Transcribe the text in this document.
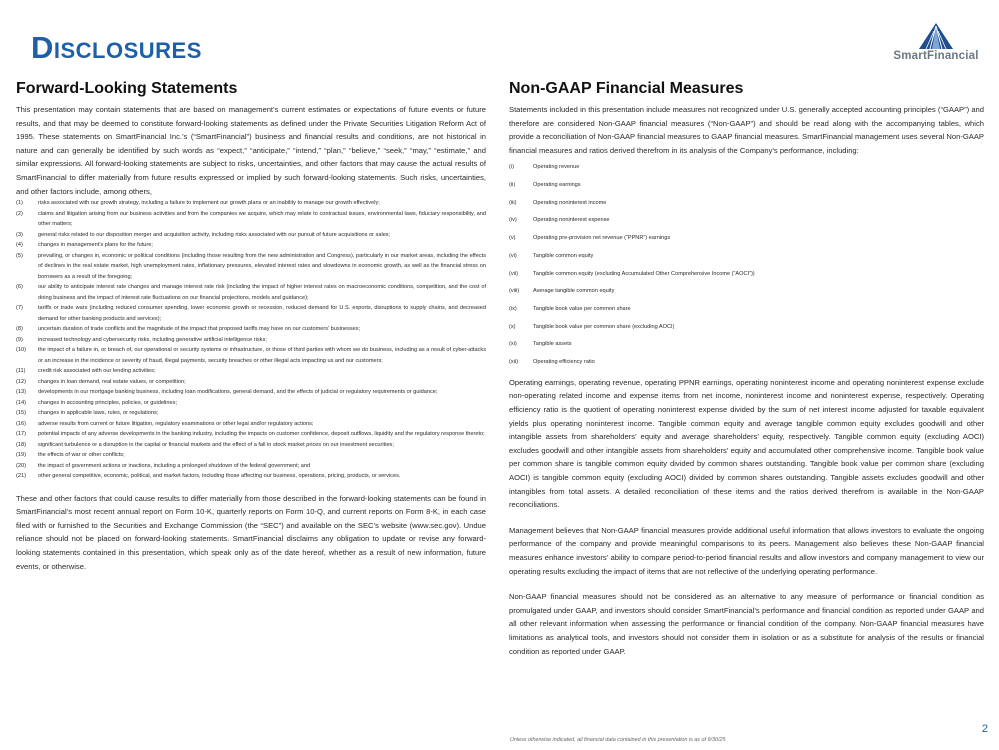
Disclosures	SmartFinancial
Forward-Looking Statements

This presentation may contain statements that are based on management’s current estimates or expectations of future events or future results, and that may be deemed to constitute forward-looking statements as defined under the Private Securities Litigation Reform Act of 1995. These statements on SmartFinancial Inc.’s (“SmartFinancial”) business and financial results and conditions, are not historical in nature and can generally be identified by such words as “expect,” “anticipate,” “intend,” “plan,” “believe,” “seek,” “may,” “estimate,” and similar expressions. All forward-looking statements are subject to risks, uncertainties, and other factors that may cause the actual results of SmartFinancial to differ materially from future results expressed or implied by such forward-looking statements. Such risks, uncertainties, and other factors include, among others,

(1)	risks associated with our growth strategy, including a failure to implement our growth plans or an inability to manage our growth effectively;
(2)	claims and litigation arising from our business activities and from the companies we acquire, which may relate to contractual issues, environmental laws, fiduciary responsibility, and other matters;
(3)	general risks related to our disposition merger and acquisition activity, including risks associated with our pursuit of future acquisitions or sales;
(4)	changes in management’s plans for the future;
(5)	prevailing, or changes in, economic or political conditions (including those resulting from the new administration and Congress), particularly in our market areas, including the effects of declines in the real estate market, high unemployment rates, inflationary pressures, elevated interest rates and slowdowns in economic growth, as well as the financial stress on borrowers as a result of the foregoing;
(6)	our ability to anticipate interest rate changes and manage interest rate risk (including the impact of higher interest rates on macroeconomic conditions, competition, and the cost of doing business and the impact of interest rate fluctuations on our financial projections, models and guidance);
(7)	tariffs or trade wars (including reduced consumer spending, lower economic growth or recession, reduced demand for U.S. exports, disruptions to supply chains, and decreased demand for other banking products and services);
(8)	uncertain duration of trade conflicts and the magnitude of the impact that proposed tariffs may have on our customers’ businesses;
(9)	increased technology and cybersecurity risks, including generative artificial intelligence risks;
(10)	the impact of a failure in, or breach of, our operational or security systems or infrastructure, or those of third parties with whom we do business, including as a result of cyber-attacks or an increase in the incidence or severity of fraud, illegal payments, security breaches or other illegal acts impacting us and our customers;
(11)	credit risk associated with our lending activities;
(12)	changes in loan demand, real estate values, or competition;
(13)	developments in our mortgage banking business, including loan modifications, general demand, and the effects of judicial or regulatory requirements or guidance;
(14)	changes in accounting principles, policies, or guidelines;
(15)	changes in applicable laws, rules, or regulations;
(16)	adverse results from current or future litigation, regulatory examinations or other legal and/or regulatory actions;
(17)	potential impacts of any adverse developments in the banking industry, including the impacts on customer confidence, deposit outflows, liquidity and the regulatory response thereto;
(18)	significant turbulence or a disruption in the capital or financial markets and the effect of a fall in stock market prices on our investment securities;
(19)	the effects of war or other conflicts;
(20)	the impact of government actions or inactions, including a prolonged shutdown of the federal government; and
(21)	other general competitive, economic, political, and market factors, including those affecting our business, operations, pricing, products, or services.

These and other factors that could cause results to differ materially from those described in the forward-looking statements can be found in SmartFinancial’s most recent annual report on Form 10-K, quarterly reports on Form 10-Q, and current reports on Form 8-K, in each case filed with or furnished to the Securities and Exchange Commission (the “SEC”) and available on the SEC’s website (www.sec.gov). Undue reliance should not be placed on forward-looking statements. SmartFinancial disclaims any obligation to update or revise any forward-looking statements contained in this presentation, which speak only as of the date hereof, whether as a result of new information, future events, or otherwise.

Non-GAAP Financial Measures

Statements included in this presentation include measures not recognized under U.S. generally accepted accounting principles (“GAAP”) and therefore are considered Non-GAAP financial measures (“Non-GAAP”) and should be read along with the accompanying tables, which provide a reconciliation of Non-GAAP financial measures to GAAP financial measures. SmartFinancial management uses several Non-GAAP financial measures and ratios derived therefrom in its analysis of the Company’s performance, including:

(i)	Operating revenue
(ii)	Operating earnings
(iii)	Operating noninterest income
(iv)	Operating noninterest expense
(v)	Operating pre-provision net revenue (“PPNR”) earnings
(vi)	Tangible common equity
(vii)	Tangible common equity (excluding Accumulated Other Comprehensive Income (“AOCI”))
(viii)	Average tangible common equity
(ix)	Tangible book value per common share
(x)	Tangible book value per common share (excluding AOCI)
(xi)	Tangible assets
(xii)	Operating efficiency ratio

Operating earnings, operating revenue, operating PPNR earnings, operating noninterest income and operating noninterest expense exclude non-operating related income and expense items from net income, noninterest income and noninterest expense, respectively. Operating efficiency ratio is the quotient of operating noninterest expense divided by the sum of net interest income adjusted for taxable equivalent yields plus operating noninterest income. Tangible common equity and average tangible common equity excludes goodwill and other intangible assets from shareholders’ equity and average shareholders’ equity, respectively. Tangible common equity (excluding AOCI) excludes goodwill and other intangible assets from shareholders’ equity and accumulated other comprehensive income. Tangible book value per common share is tangible common equity divided by common shares outstanding. Tangible book value per common share (excluding AOCI) is tangible common equity (excluding AOCI) divided by common shares outstanding. Tangible assets excludes goodwill and other intangibles from total assets. A detailed reconciliation of these items and the ratios derived therefrom is available in the Non-GAAP reconciliations.

Management believes that Non-GAAP financial measures provide additional useful information that allows investors to evaluate the ongoing performance of the company and provide meaningful comparisons to its peers. Management also believes these Non-GAAP financial measures enhance investors’ ability to compare period-to-period financial results and allow investors and company management to view our operating results excluding the impact of items that are not reflective of the underlying operating performance.

Non-GAAP financial measures should not be considered as an alternative to any measure of performance or financial condition as promulgated under GAAP, and investors should consider SmartFinancial’s performance and financial condition as reported under GAAP and all other relevant information when assessing the performance or financial condition of the company. Non-GAAP financial measures have limitations as analytical tools, and investors should not consider them in isolation or as a substitute for analysis of the results or financial condition as reported under GAAP.

Unless otherwise indicated, all financial data contained in this presentation is as of 9/30/25
2
